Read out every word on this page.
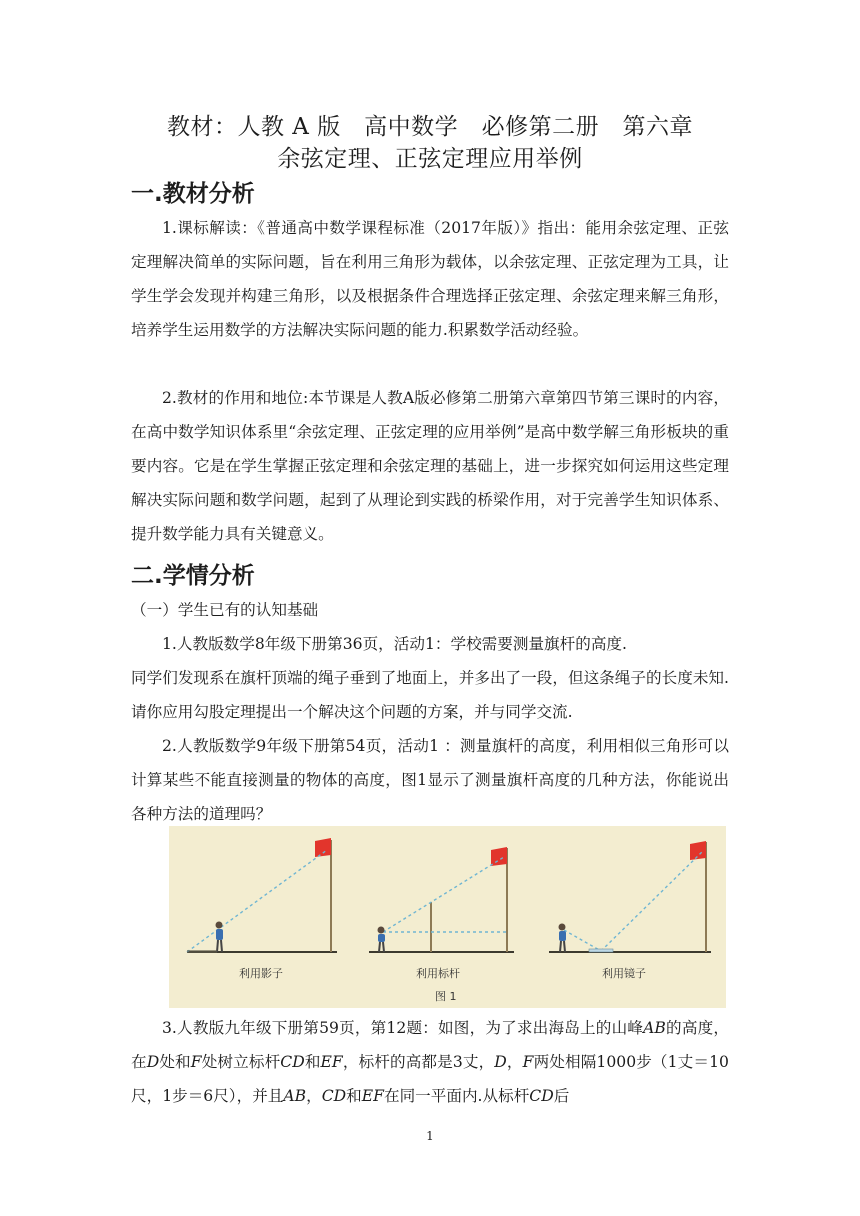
教材：人教 A 版   高中数学   必修第二册   第六章
余弦定理、正弦定理应用举例
一.教材分析
1.课标解读：《普通高中数学课程标准（2017年版）》指出：能用余弦定理、正弦定理解决简单的实际问题，旨在利用三角形为载体，以余弦定理、正弦定理为工具，让学生学会发现并构建三角形，以及根据条件合理选择正弦定理、余弦定理来解三角形，培养学生运用数学的方法解决实际问题的能力.积累数学活动经验。
2.教材的作用和地位:本节课是人教A版必修第二册第六章第四节第三课时的内容，在高中数学知识体系里“余弦定理、正弦定理的应用举例”是高中数学解三角形板块的重要内容。它是在学生掌握正弦定理和余弦定理的基础上，进一步探究如何运用这些定理解决实际问题和数学问题，起到了从理论到实践的桥梁作用，对于完善学生知识体系、提升数学能力具有关键意义。
二.学情分析
（一）学生已有的认知基础
1.人教版数学8年级下册第36页，活动1：学校需要测量旗杆的高度.
同学们发现系在旗杆顶端的绳子垂到了地面上，并多出了一段，但这条绳子的长度未知. 请你应用勾股定理提出一个解决这个问题的方案，并与同学交流.
2.人教版数学9年级下册第54页，活动1 ：测量旗杆的高度，利用相似三角形可以计算某些不能直接测量的物体的高度，图1显示了测量旗杆高度的几种方法，你能说出各种方法的道理吗？
利用影子	利用标杆	利用镜子
图 1
3.人教版九年级下册第59页，第12题：如图，为了求出海岛上的山峰AB的高度，在D处和F处树立标杆CD和EF，标杆的高都是3丈，D，F两处相隔1000步（1丈＝10尺，1步＝6尺），并且AB，CD和EF在同一平面内.从标杆CD后
1
